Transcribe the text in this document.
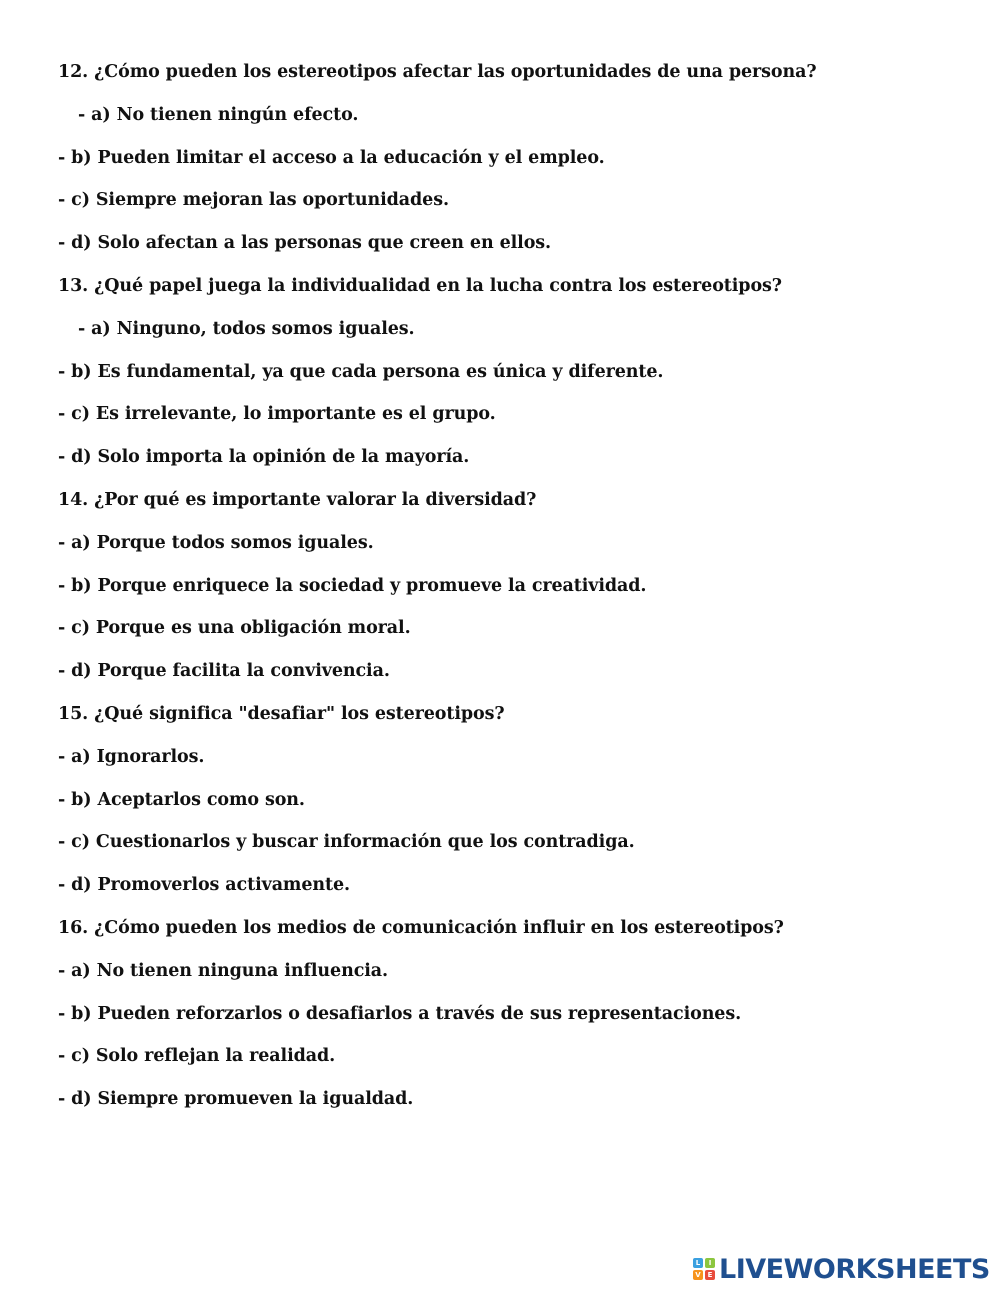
12. ¿Cómo pueden los estereotipos afectar las oportunidades de una persona?
- a) No tienen ningún efecto.
- b) Pueden limitar el acceso a la educación y el empleo.
- c) Siempre mejoran las oportunidades.
- d) Solo afectan a las personas que creen en ellos.
13. ¿Qué papel juega la individualidad en la lucha contra los estereotipos?
- a) Ninguno, todos somos iguales.
- b) Es fundamental, ya que cada persona es única y diferente.
- c) Es irrelevante, lo importante es el grupo.
- d) Solo importa la opinión de la mayoría.
14. ¿Por qué es importante valorar la diversidad?
- a) Porque todos somos iguales.
- b) Porque enriquece la sociedad y promueve la creatividad.
- c) Porque es una obligación moral.
- d) Porque facilita la convivencia.
15. ¿Qué significa "desafiar" los estereotipos?
- a) Ignorarlos.
- b) Aceptarlos como son.
- c) Cuestionarlos y buscar información que los contradiga.
- d) Promoverlos activamente.
16. ¿Cómo pueden los medios de comunicación influir en los estereotipos?
- a) No tienen ninguna influencia.
- b) Pueden reforzarlos o desafiarlos a través de sus representaciones.
- c) Solo reflejan la realidad.
- d) Siempre promueven la igualdad.
L	I
V E LIVEWORKSHEETS
